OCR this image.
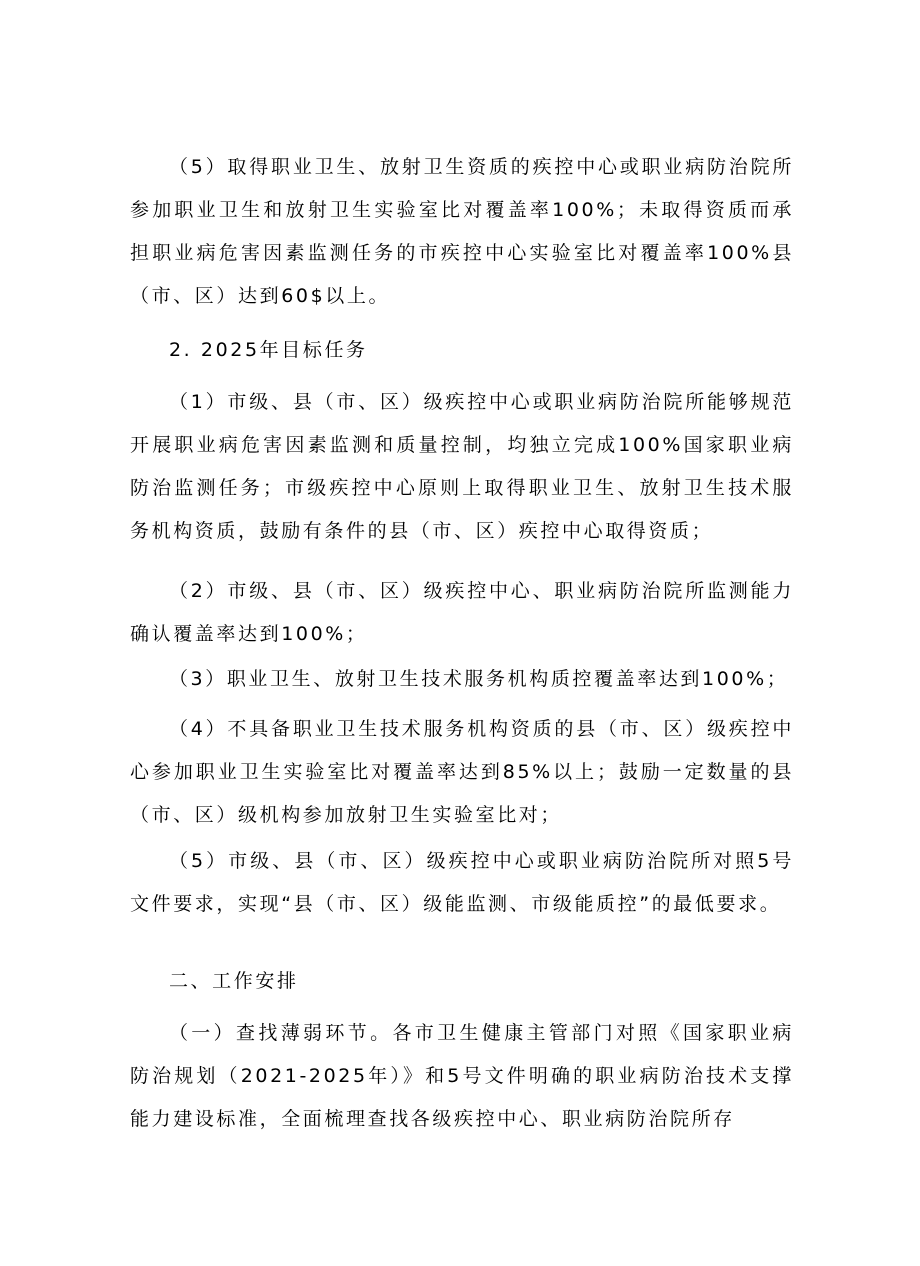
（5）取得职业卫生、放射卫生资质的疾控中心或职业病防治院所参加职业卫生和放射卫生实验室比对覆盖率100%；未取得资质而承担职业病危害因素监测任务的市疾控中心实验室比对覆盖率100%县（市、区）达到60$以上。

2. 2025年目标任务

（1）市级、县（市、区）级疾控中心或职业病防治院所能够规范开展职业病危害因素监测和质量控制，均独立完成100%国家职业病防治监测任务；市级疾控中心原则上取得职业卫生、放射卫生技术服务机构资质，鼓励有条件的县（市、区）疾控中心取得资质；

（2）市级、县（市、区）级疾控中心、职业病防治院所监测能力确认覆盖率达到100%；

（3）职业卫生、放射卫生技术服务机构质控覆盖率达到100%；

（4）不具备职业卫生技术服务机构资质的县（市、区）级疾控中心参加职业卫生实验室比对覆盖率达到85%以上；鼓励一定数量的县（市、区）级机构参加放射卫生实验室比对；

（5）市级、县（市、区）级疾控中心或职业病防治院所对照5号文件要求，实现“县（市、区）级能监测、市级能质控”的最低要求。

二、工作安排

（一）查找薄弱环节。各市卫生健康主管部门对照《国家职业病防治规划（2021-2025年）》和5号文件明确的职业病防治技术支撑能力建设标准，全面梳理查找各级疾控中心、职业病防治院所存
